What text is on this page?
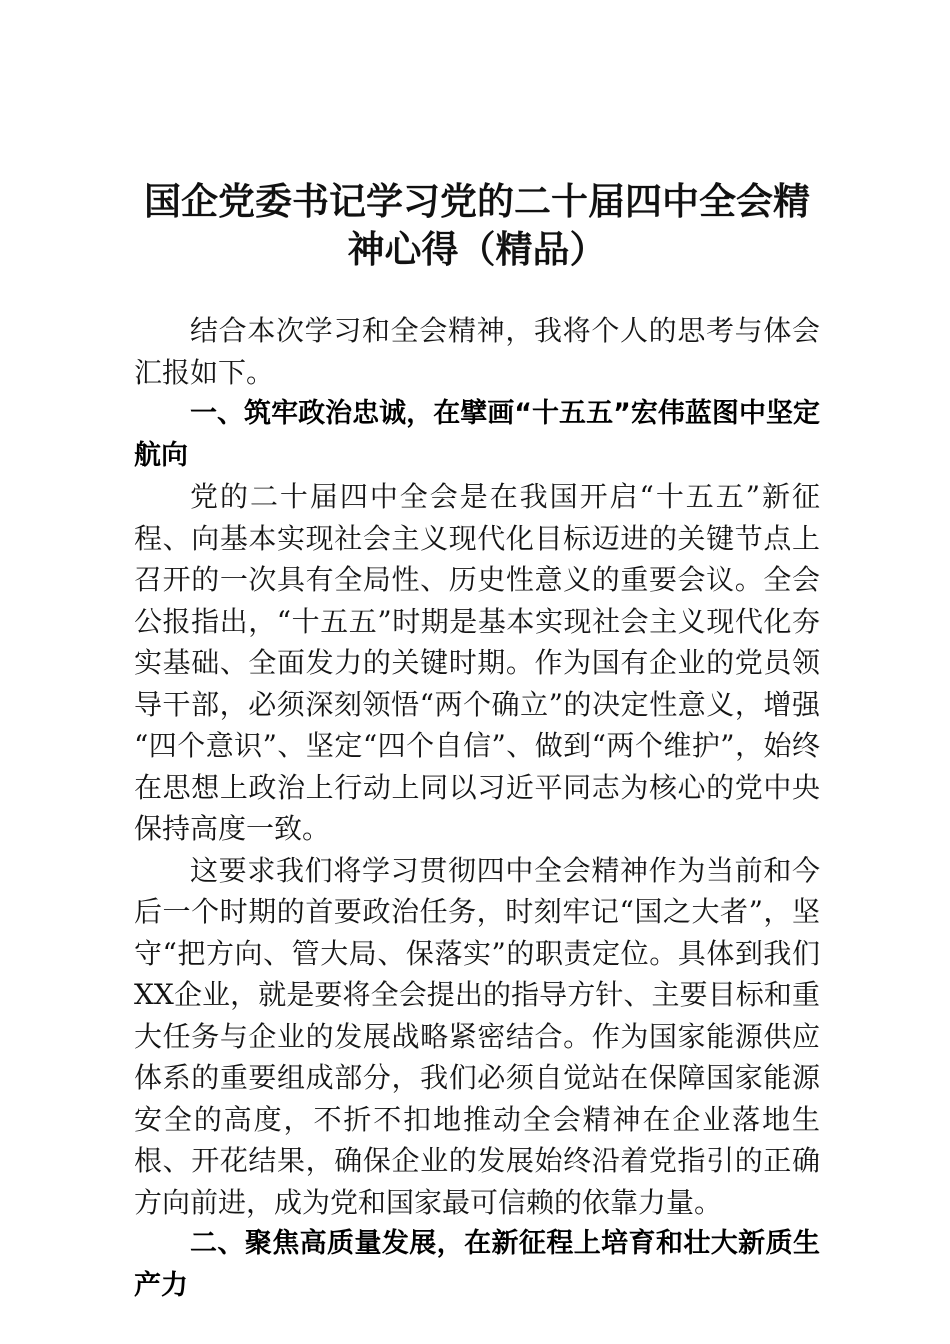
国企党委书记学习党的二十届四中全会精神心得（精品）

结合本次学习和全会精神，我将个人的思考与体会汇报如下。

一、筑牢政治忠诚，在擘画“十五五”宏伟蓝图中坚定航向

党的二十届四中全会是在我国开启“十五五”新征程、向基本实现社会主义现代化目标迈进的关键节点上召开的一次具有全局性、历史性意义的重要会议。全会公报指出，“十五五”时期是基本实现社会主义现代化夯实基础、全面发力的关键时期。作为国有企业的党员领导干部，必须深刻领悟“两个确立”的决定性意义，增强“四个意识”、坚定“四个自信”、做到“两个维护”，始终在思想上政治上行动上同以习近平同志为核心的党中央保持高度一致。

这要求我们将学习贯彻四中全会精神作为当前和今后一个时期的首要政治任务，时刻牢记“国之大者”，坚守“把方向、管大局、保落实”的职责定位。具体到我们XX企业，就是要将全会提出的指导方针、主要目标和重大任务与企业的发展战略紧密结合。作为国家能源供应体系的重要组成部分，我们必须自觉站在保障国家能源安全的高度，不折不扣地推动全会精神在企业落地生根、开花结果，确保企业的发展始终沿着党指引的正确方向前进，成为党和国家最可信赖的依靠力量。

二、聚焦高质量发展，在新征程上培育和壮大新质生产力
